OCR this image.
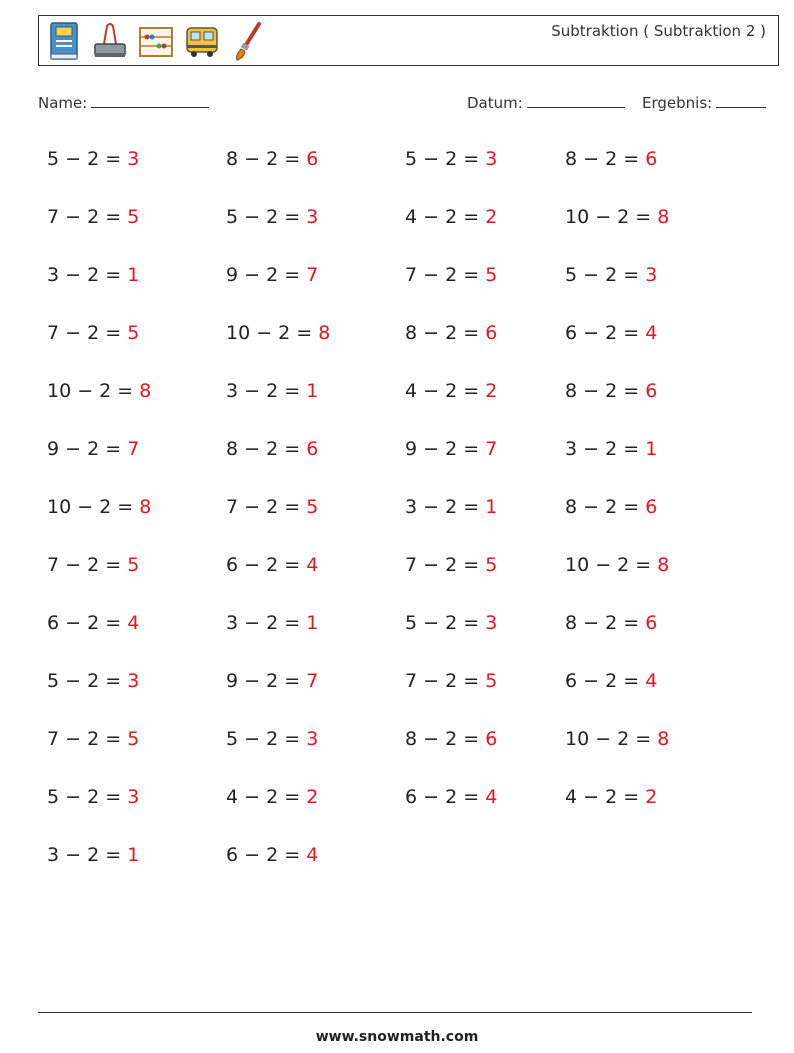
Subtraktion ( Subtraktion 2 )
Name:	Datum:	Ergebnis:
5 − 2 = 3	8 − 2 = 6	5 − 2 = 3	8 − 2 = 6
7 − 2 = 5	5 − 2 = 3	4 − 2 = 2	10 − 2 = 8
3 − 2 = 1	9 − 2 = 7	7 − 2 = 5	5 − 2 = 3
7 − 2 = 5	10 − 2 = 8	8 − 2 = 6	6 − 2 = 4
10 − 2 = 8	3 − 2 = 1	4 − 2 = 2	8 − 2 = 6
9 − 2 = 7	8 − 2 = 6	9 − 2 = 7	3 − 2 = 1
10 − 2 = 8	7 − 2 = 5	3 − 2 = 1	8 − 2 = 6
7 − 2 = 5	6 − 2 = 4	7 − 2 = 5	10 − 2 = 8
6 − 2 = 4	3 − 2 = 1	5 − 2 = 3	8 − 2 = 6
5 − 2 = 3	9 − 2 = 7	7 − 2 = 5	6 − 2 = 4
7 − 2 = 5	5 − 2 = 3	8 − 2 = 6	10 − 2 = 8
5 − 2 = 3	4 − 2 = 2	6 − 2 = 4	4 − 2 = 2
3 − 2 = 1	6 − 2 = 4
www.snowmath.com
